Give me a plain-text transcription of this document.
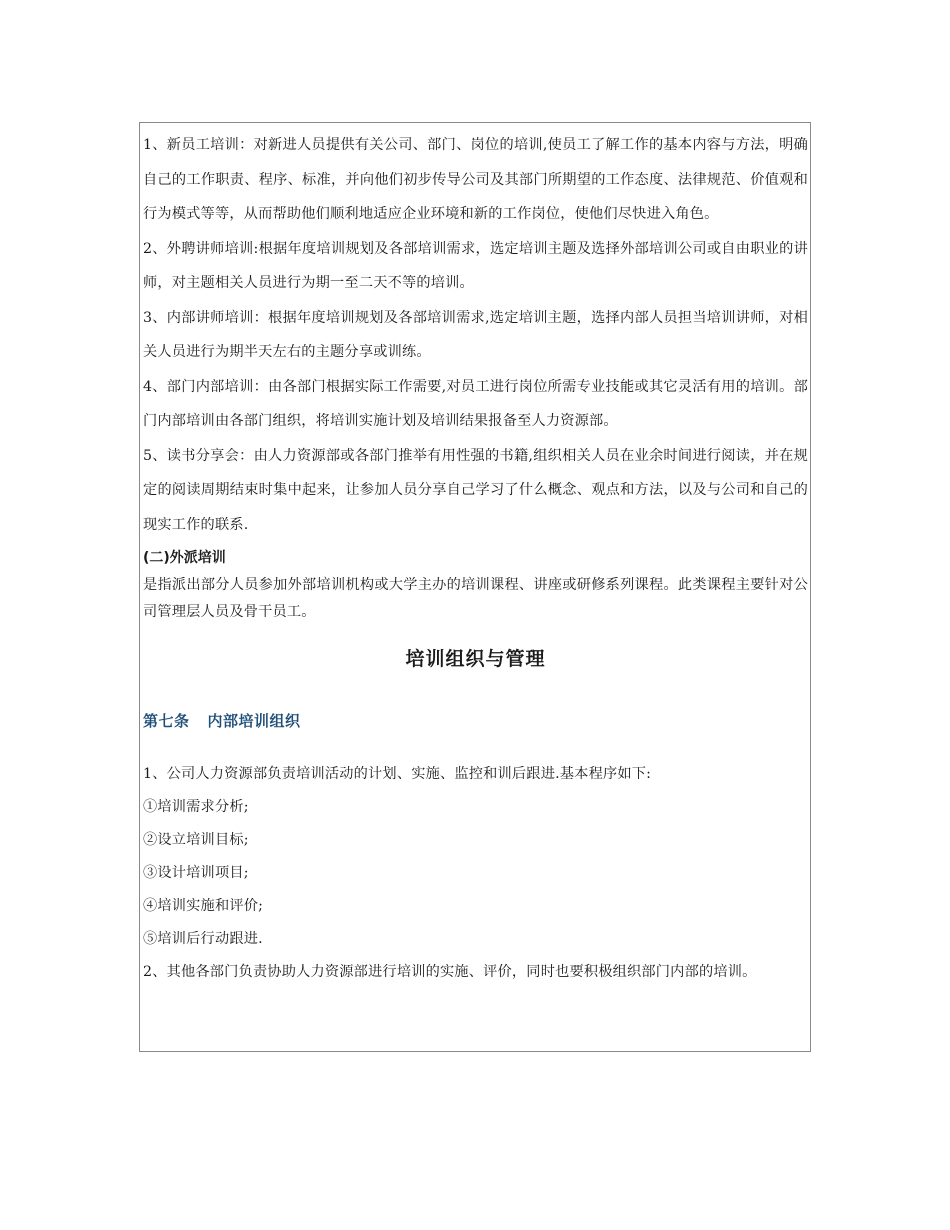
1、新员工培训：对新进人员提供有关公司、部门、岗位的培训,使员工了解工作的基本内容与方法，明确自己的工作职责、程序、标准，并向他们初步传导公司及其部门所期望的工作态度、法律规范、价值观和行为模式等等，从而帮助他们顺利地适应企业环境和新的工作岗位，使他们尽快进入角色。

2、外聘讲师培训:根据年度培训规划及各部培训需求，选定培训主题及选择外部培训公司或自由职业的讲师，对主题相关人员进行为期一至二天不等的培训。

3、内部讲师培训：根据年度培训规划及各部培训需求,选定培训主题，选择内部人员担当培训讲师，对相关人员进行为期半天左右的主题分享或训练。

4、部门内部培训：由各部门根据实际工作需要,对员工进行岗位所需专业技能或其它灵活有用的培训。部门内部培训由各部门组织，将培训实施计划及培训结果报备至人力资源部。

5、读书分享会：由人力资源部或各部门推举有用性强的书籍,组织相关人员在业余时间进行阅读，并在规定的阅读周期结束时集中起来，让参加人员分享自己学习了什么概念、观点和方法，以及与公司和自己的现实工作的联系.

(二)外派培训

是指派出部分人员参加外部培训机构或大学主办的培训课程、讲座或研修系列课程。此类课程主要针对公司管理层人员及骨干员工。

培训组织与管理
第七条 内部培训组织

1、公司人力资源部负责培训活动的计划、实施、监控和训后跟进.基本程序如下:

①培训需求分析;

②设立培训目标;

③设计培训项目;

④培训实施和评价;

⑤培训后行动跟进.

2、其他各部门负责协助人力资源部进行培训的实施、评价，同时也要积极组织部门内部的培训。
